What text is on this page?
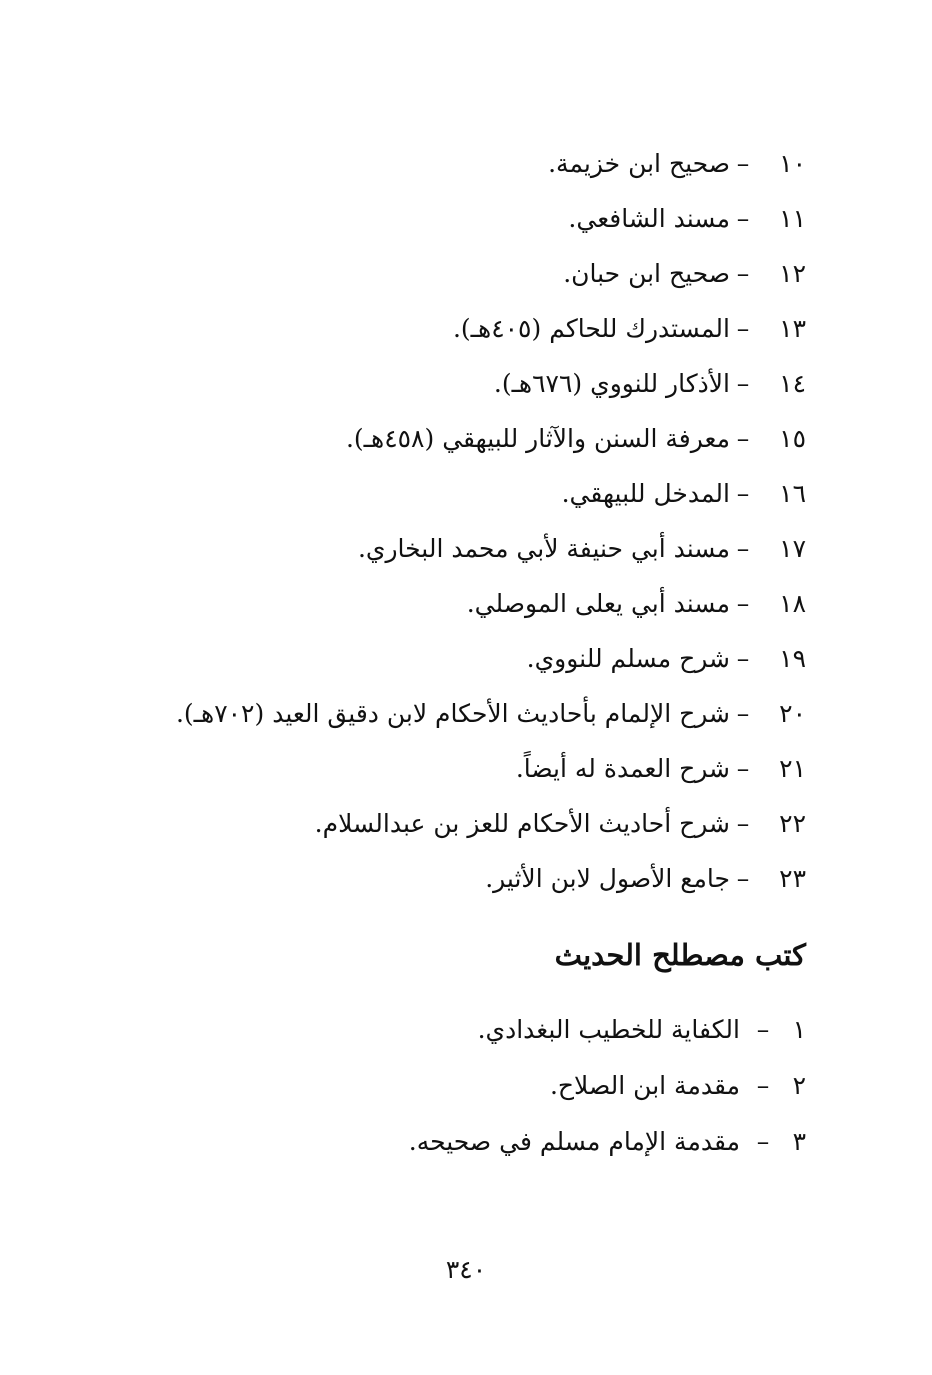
١٠
–
صحيح ابن خزيمة.
١١
–
مسند الشافعي.
١٢
–
صحيح ابن حبان.
١٣
–
المستدرك للحاكم (٤٠٥هـ).
١٤
–
الأذكار للنووي (٦٧٦هـ).
١٥
–
معرفة السنن والآثار للبيهقي (٤٥٨هـ).
١٦
–
المدخل للبيهقي.
١٧
–
مسند أبي حنيفة لأبي محمد البخاري.
١٨
–
مسند أبي يعلى الموصلي.
١٩
–
شرح مسلم للنووي.
٢٠
–
شرح الإلمام بأحاديث الأحكام لابن دقيق العيد (٧٠٢هـ).
٢١
–
شرح العمدة له أيضاً.
٢٢
–
شرح أحاديث الأحكام للعز بن عبدالسلام.
٢٣
–
جامع الأصول لابن الأثير.
كتب مصطلح الحديث
١
–
الكفاية للخطيب البغدادي.
٢
–
مقدمة ابن الصلاح.
٣
–
مقدمة الإمام مسلم في صحيحه.
٣٤٠
